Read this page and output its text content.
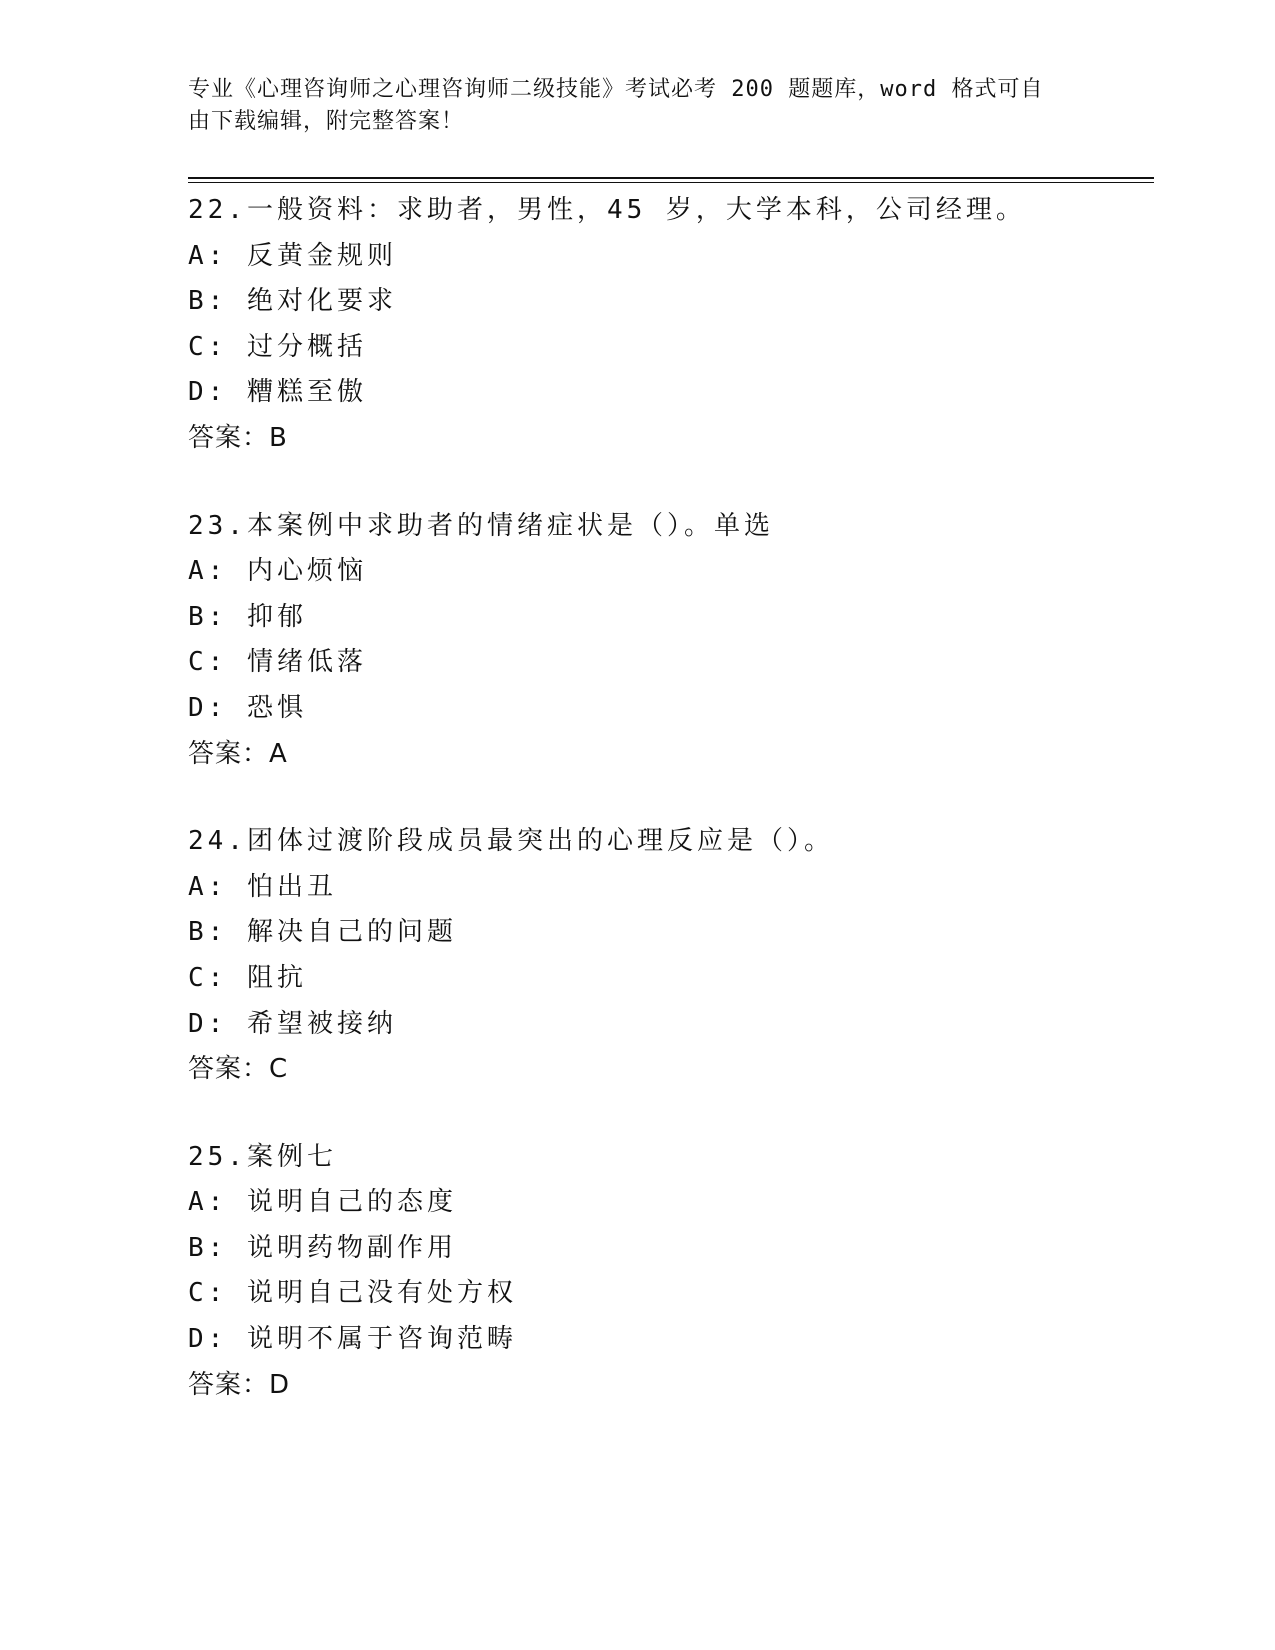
专业《心理咨询师之心理咨询师二级技能》考试必考 200 题题库，word 格式可自
由下载编辑，附完整答案！
22.一般资料：求助者，男性，45 岁，大学本科，公司经理。
A: 反黄金规则
B: 绝对化要求
C: 过分概括
D: 糟糕至傲
答案：B
23.本案例中求助者的情绪症状是（）。单选
A: 内心烦恼
B: 抑郁
C: 情绪低落
D: 恐惧
答案：A
24.团体过渡阶段成员最突出的心理反应是（）。
A: 怕出丑
B: 解决自己的问题
C: 阻抗
D: 希望被接纳
答案：C
25.案例七
A: 说明自己的态度
B: 说明药物副作用
C: 说明自己没有处方权
D: 说明不属于咨询范畴
答案：D
